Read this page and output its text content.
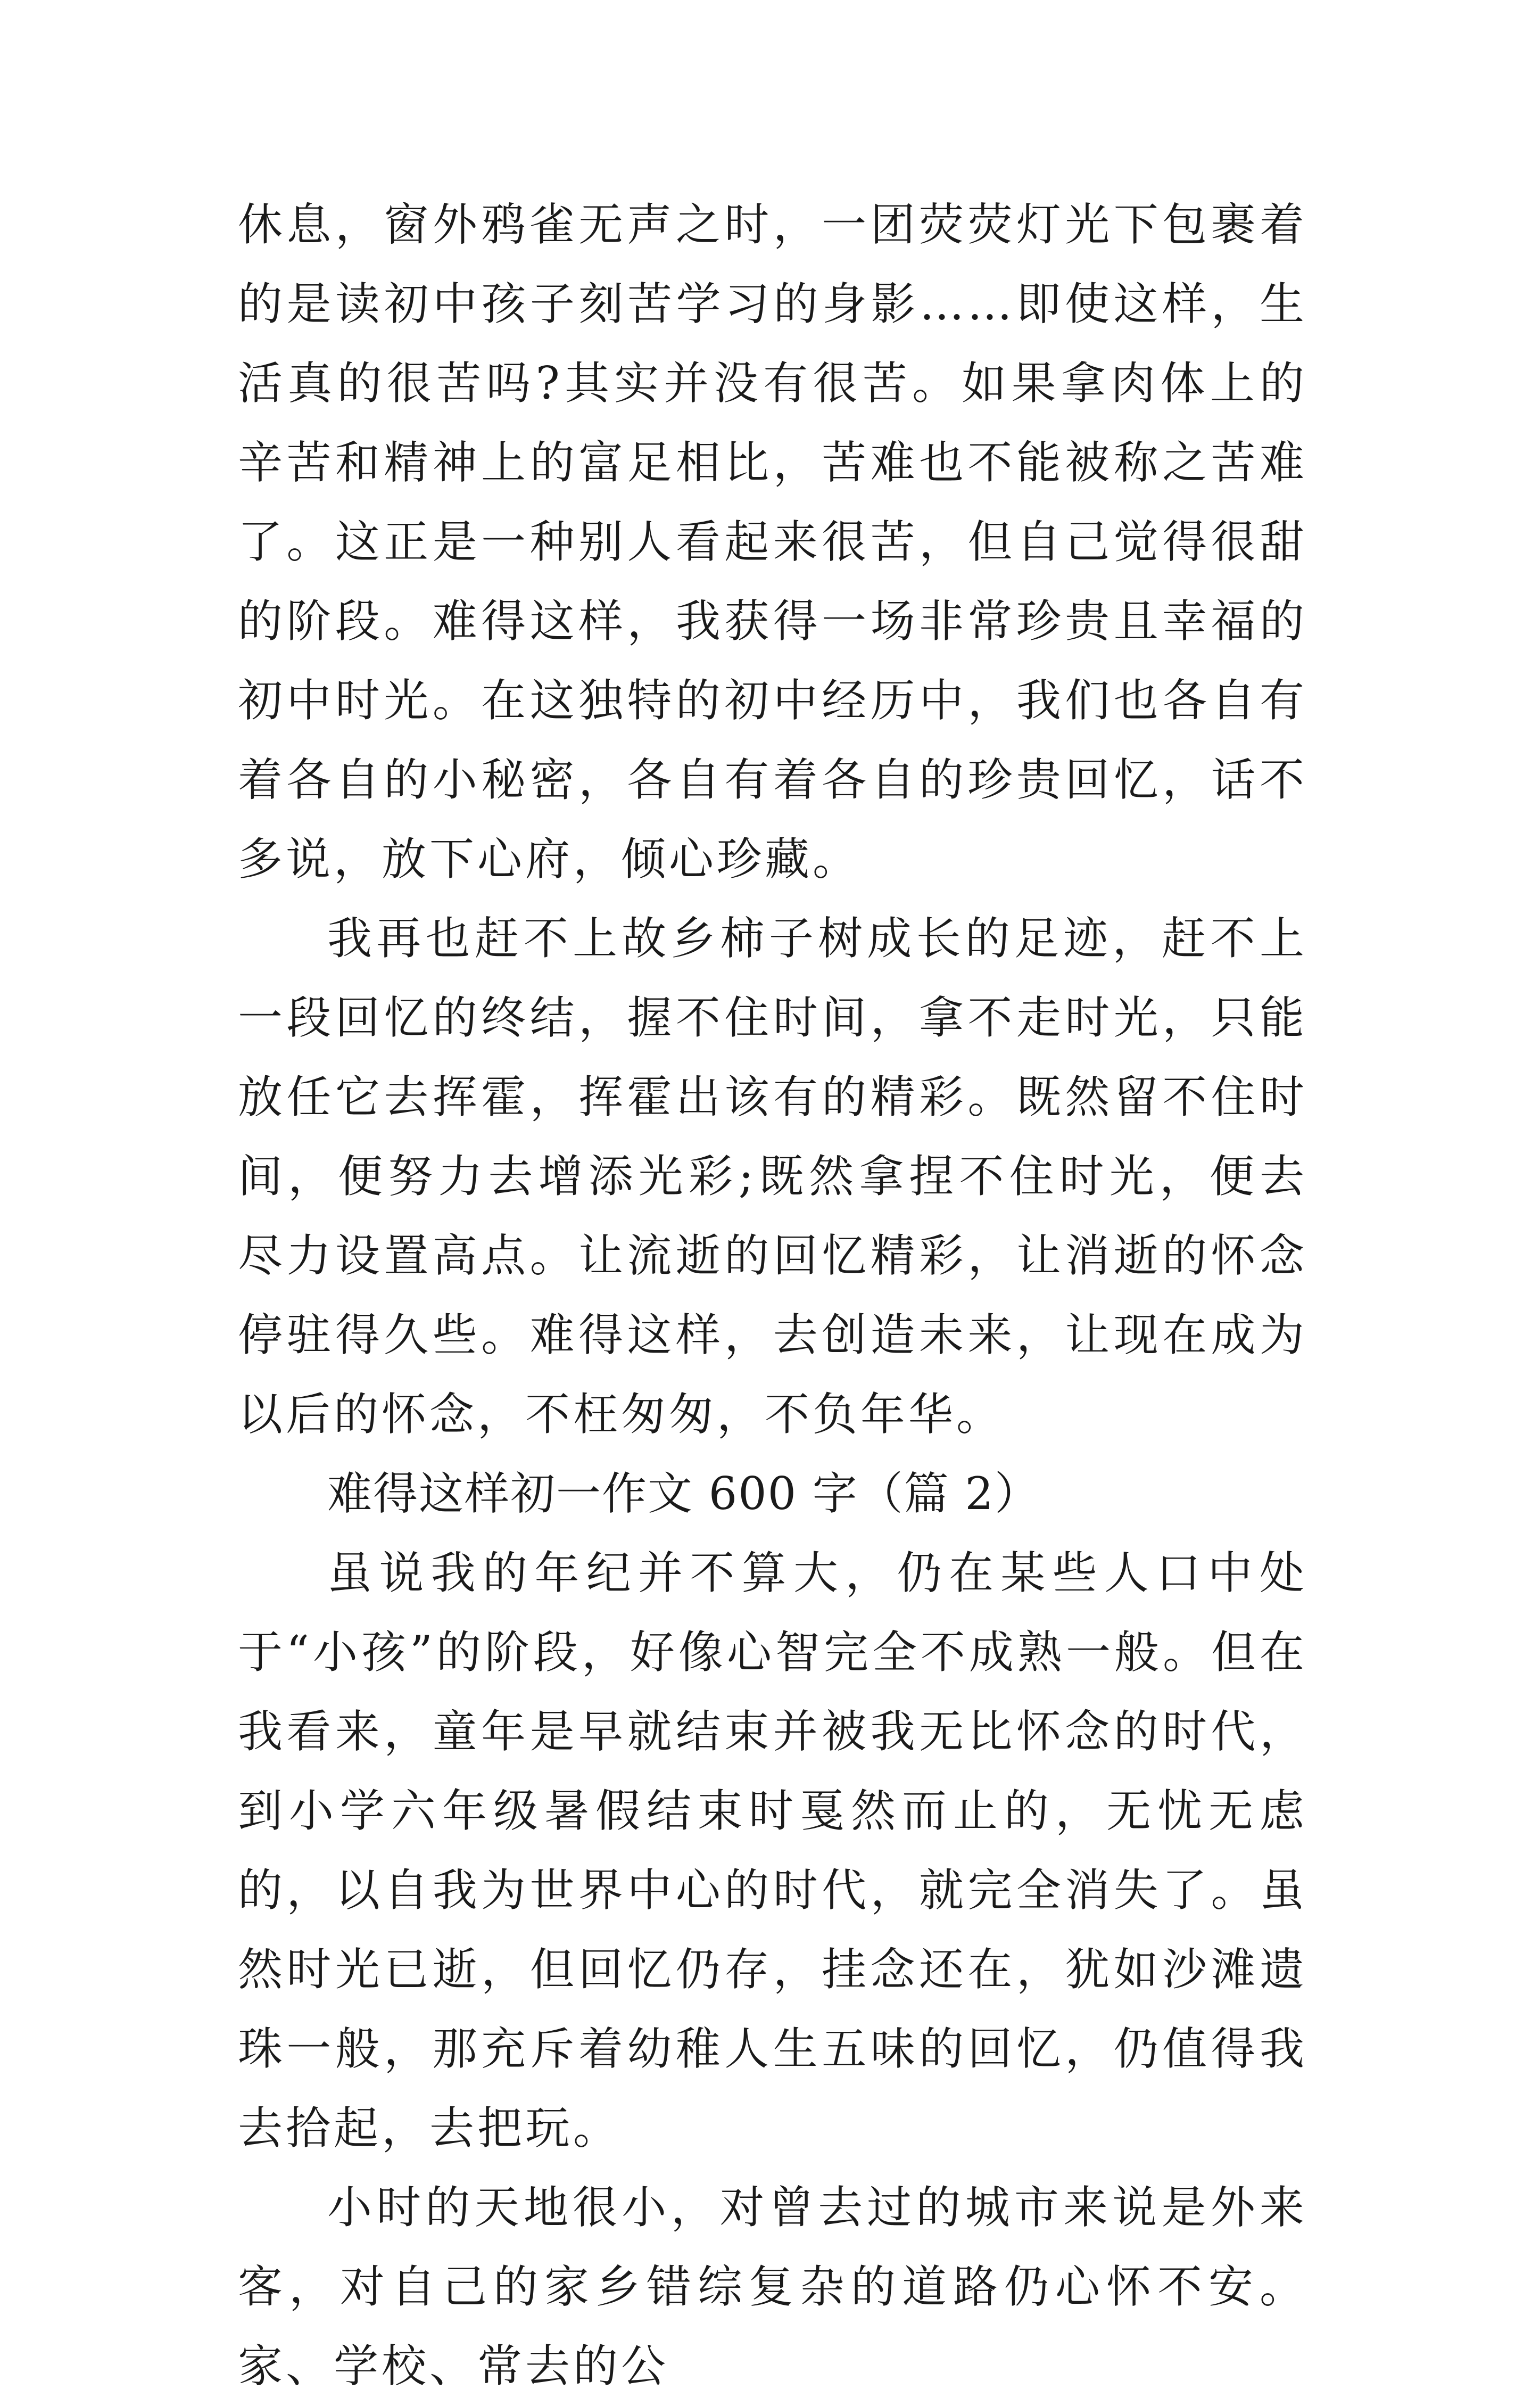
休息，窗外鸦雀无声之时，一团荧荧灯光下包裹着的是读初中孩子刻苦学习的身影……即使这样，生活真的很苦吗?其实并没有很苦。如果拿肉体上的辛苦和精神上的富足相比，苦难也不能被称之苦难了。这正是一种别人看起来很苦，但自己觉得很甜的阶段。难得这样，我获得一场非常珍贵且幸福的初中时光。在这独特的初中经历中，我们也各自有着各自的小秘密，各自有着各自的珍贵回忆，话不多说，放下心府，倾心珍藏。

我再也赶不上故乡柿子树成长的足迹，赶不上一段回忆的终结，握不住时间，拿不走时光，只能放任它去挥霍，挥霍出该有的精彩。既然留不住时间，便努力去增添光彩;既然拿捏不住时光，便去尽力设置高点。让流逝的回忆精彩，让消逝的怀念停驻得久些。难得这样，去创造未来，让现在成为以后的怀念，不枉匆匆，不负年华。

难得这样初一作文 600 字（篇 2）

虽说我的年纪并不算大，仍在某些人口中处于“小孩”的阶段，好像心智完全不成熟一般。但在我看来，童年是早就结束并被我无比怀念的时代，到小学六年级暑假结束时戛然而止的，无忧无虑的，以自我为世界中心的时代，就完全消失了。虽然时光已逝，但回忆仍存，挂念还在，犹如沙滩遗珠一般，那充斥着幼稚人生五味的回忆，仍值得我去拾起，去把玩。

小时的天地很小，对曾去过的城市来说是外来客，对自己的家乡错综复杂的道路仍心怀不安。家、学校、常去的公
